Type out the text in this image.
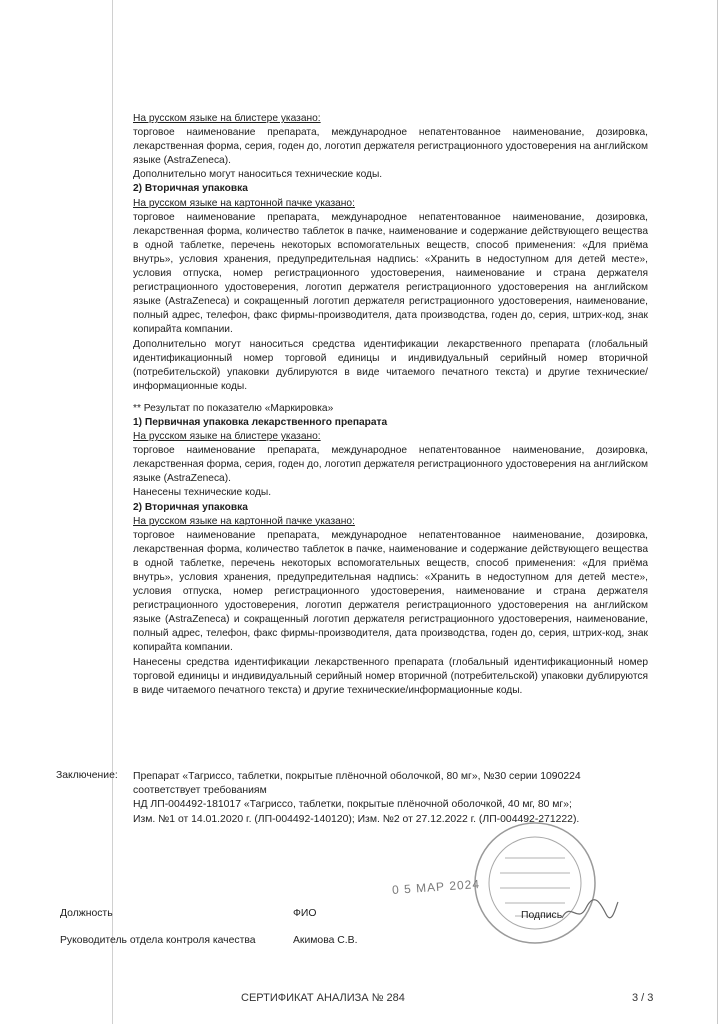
На русском языке на блистере указано:

торговое наименование препарата, международное непатентованное наименование, дозировка, лекарственная форма, серия, годен до, логотип держателя регистрационного удостоверения на английском языке (AstraZeneca).

Дополнительно могут наноситься технические коды.

2) Вторичная упаковка

На русском языке на картонной пачке указано:

торговое наименование препарата, международное непатентованное наименование, дозировка, лекарственная форма, количество таблеток в пачке, наименование и содержание действующего вещества в одной таблетке, перечень некоторых вспомогательных веществ, способ применения: «Для приёма внутрь», условия хранения, предупредительная надпись: «Хранить в недоступном для детей месте», условия отпуска, номер регистрационного удостоверения, наименование и страна держателя регистрационного удостоверения, логотип держателя регистрационного удостоверения на английском языке (AstraZeneca) и сокращенный логотип держателя регистрационного удостоверения, наименование, полный адрес, телефон, факс фирмы-производителя, дата производства, годен до, серия, штрих-код, знак копирайта компании.

Дополнительно могут наноситься средства идентификации лекарственного препарата (глобальный идентификационный номер торговой единицы и индивидуальный серийный номер вторичной (потребительской) упаковки дублируются в виде читаемого печатного текста) и другие технические/информационные коды.

** Результат по показателю «Маркировка»

1) Первичная упаковка лекарственного препарата

На русском языке на блистере указано:

торговое наименование препарата, международное непатентованное наименование, дозировка, лекарственная форма, серия, годен до, логотип держателя регистрационного удостоверения на английском языке (AstraZeneca).

Нанесены технические коды.

2) Вторичная упаковка

На русском языке на картонной пачке указано:

торговое наименование препарата, международное непатентованное наименование, дозировка, лекарственная форма, количество таблеток в пачке, наименование и содержание действующего вещества в одной таблетке, перечень некоторых вспомогательных веществ, способ применения: «Для приёма внутрь», условия хранения, предупредительная надпись: «Хранить в недоступном для детей месте», условия отпуска, номер регистрационного удостоверения, наименование и страна держателя регистрационного удостоверения, логотип держателя регистрационного удостоверения на английском языке (AstraZeneca) и сокращенный логотип держателя регистрационного удостоверения, наименование, полный адрес, телефон, факс фирмы-производителя, дата производства, годен до, серия, штрих-код, знак копирайта компании.

Нанесены средства идентификации лекарственного препарата (глобальный идентификационный номер торговой единицы и индивидуальный серийный номер вторичной (потребительской) упаковки дублируются в виде читаемого печатного текста) и другие технические/информационные коды.

Заключение: Препарат «Тагриссо, таблетки, покрытые плёночной оболочкой, 80 мг», №30 серии 1090224

соответствует требованиям

НД ЛП-004492-181017 «Тагриссо, таблетки, покрытые плёночной оболочкой, 40 мг, 80 мг»;

Изм. №1 от 14.01.2020 г. (ЛП-004492-140120); Изм. №2 от 27.12.2022 г. (ЛП-004492-271222).

0 5 МАР 2024
Должность	ФИО	Подпись
Руководитель отдела контроля качества	Акимова С.В.
СЕРТИФИКАТ АНАЛИЗА № 284	3 / 3
